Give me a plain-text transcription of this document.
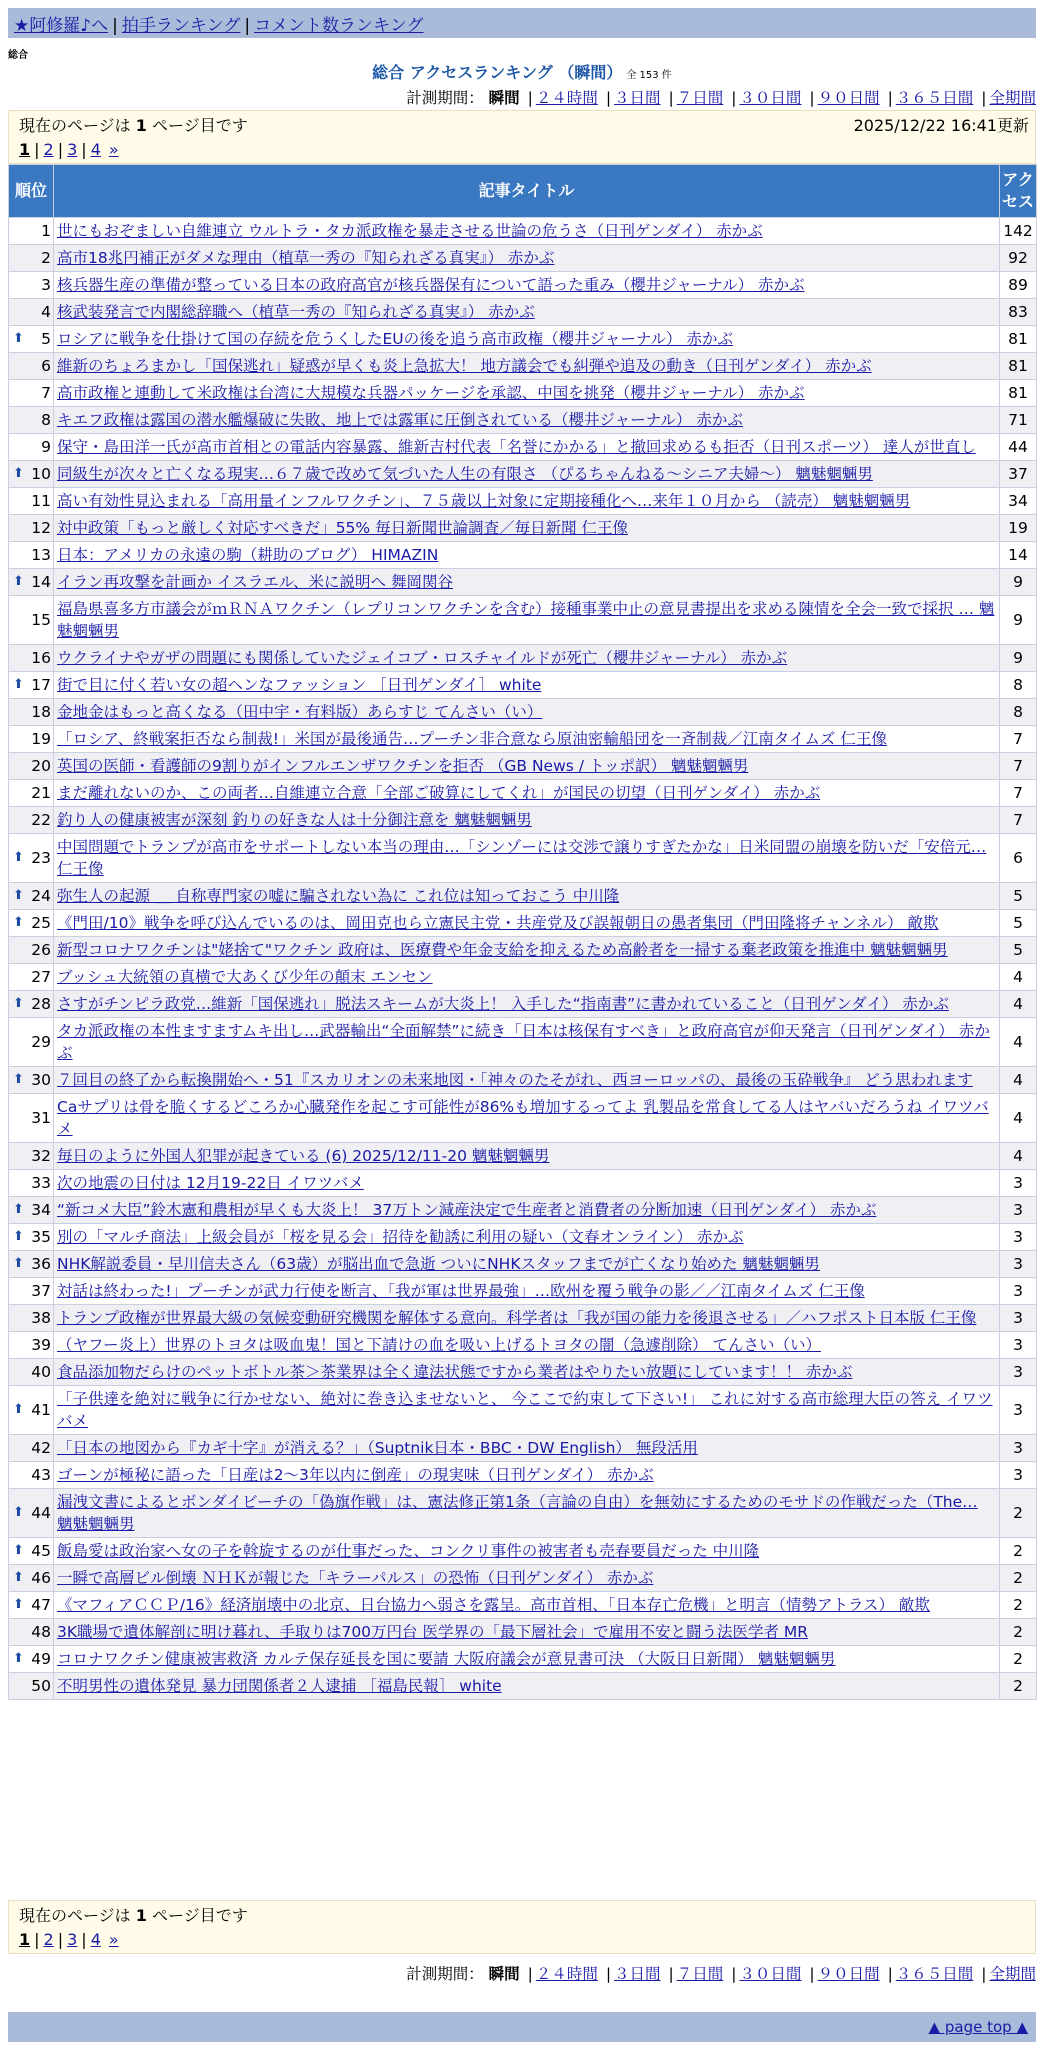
★阿修羅♪へ | 拍手ランキング | コメント数ランキング
総合
総合 アクセスランキング （瞬間） 全 153 件
計測期間： 瞬間 | ２４時間 | ３日間 | ７日間 | ３０日間 | ９０日間 | ３６５日間 | 全期間
現在のページは 1 ページ目です	2025/12/22 16:41更新
1 | 2 | 3 | 4 »
順位	記事タイトル	アクセス
1	世にもおぞましい自維連立 ウルトラ・タカ派政権を暴走させる世論の危うさ（日刊ゲンダイ） 赤かぶ	142
2	高市18兆円補正がダメな理由（植草一秀の『知られざる真実』） 赤かぶ	92
3	核兵器生産の準備が整っている日本の政府高官が核兵器保有について語った重み（櫻井ジャーナル） 赤かぶ	89
4	核武装発言で内閣総辞職へ（植草一秀の『知られざる真実』） 赤かぶ	83

⬆ 5	ロシアに戦争を仕掛けて国の存続を危うくしたEUの後を追う高市政権（櫻井ジャーナル） 赤かぶ	81
6	維新のちょろまかし「国保逃れ」疑惑が早くも炎上急拡大！ 地方議会でも糾弾や追及の動き（日刊ゲンダイ） 赤かぶ	81
7	高市政権と連動して米政権は台湾に大規模な兵器パッケージを承認、中国を挑発（櫻井ジャーナル） 赤かぶ	81
8	キエフ政権は露国の潜水艦爆破に失敗、地上では露軍に圧倒されている（櫻井ジャーナル） 赤かぶ	71
9	保守・島田洋一氏が高市首相との電話内容暴露、維新吉村代表「名誉にかかる」と撤回求めるも拒否（日刊スポーツ） 達人が世直し	44

⬆ 10	同級生が次々と亡くなる現実…６７歳で改めて気づいた人生の有限さ （ぴるちゃんねる〜シニア夫婦〜） 魑魅魍魎男	37
11	高い有効性見込まれる「高用量インフルワクチン」、７５歳以上対象に定期接種化へ…来年１０月から （読売） 魑魅魍魎男	34
12	対中政策「もっと厳しく対応すべきだ」55% 毎日新聞世論調査／毎日新聞 仁王像	19
13	日本：アメリカの永遠の駒（耕助のブログ） HIMAZIN	14

⬆ 14	イラン再攻撃を計画か イスラエル、米に説明へ 舞岡関谷	9
15	福島県喜多方市議会がｍＲＮＡワクチン（レプリコンワクチンを含む）接種事業中止の意見書提出を求める陳情を全会一致で採択 … 魑魅魍魎男	9
16	ウクライナやガザの問題にも関係していたジェイコブ・ロスチャイルドが死亡（櫻井ジャーナル） 赤かぶ	9

⬆ 17	街で目に付く若い女の超ヘンなファッション ［日刊ゲンダイ］ white	8
18	金地金はもっと高くなる（田中宇・有料版）あらすじ てんさい（い）	8
19	「ロシア、終戦案拒否なら制裁!」米国が最後通告…プーチン非合意なら原油密輸船団を一斉制裁／江南タイムズ 仁王像	7
20	英国の医師・看護師の9割りがインフルエンザワクチンを拒否 （GB News / トッポ訳） 魑魅魍魎男	7
21	まだ離れないのか、この両者…自維連立合意「全部ご破算にしてくれ」が国民の切望（日刊ゲンダイ） 赤かぶ	7
22	釣り人の健康被害が深刻 釣りの好きな人は十分御注意を 魑魅魍魎男	7

⬆ 23	中国問題でトランプが高市をサポートしない本当の理由…「シンゾーには交渉で譲りすぎたかな」日米同盟の崩壊を防いだ「安倍元… 仁王像	6

⬆ 24	弥生人の起源 ＿ 自称専門家の嘘に騙されない為に これ位は知っておこう 中川隆	5

⬆ 25	《門田/10》戦争を呼び込んでいるのは、岡田克也ら立憲民主党・共産党及び誤報朝日の愚者集団（門田隆将チャンネル） 敵欺	5
26	新型コロナワクチンは"姥捨て"ワクチン 政府は、医療費や年金支給を抑えるため高齢者を一掃する棄老政策を推進中 魑魅魍魎男	5
27	ブッシュ大統領の真横で大あくび少年の顛末 エンセン	4

⬆ 28	さすがチンピラ政党…維新「国保逃れ」脱法スキームが大炎上！ 入手した“指南書”に書かれていること（日刊ゲンダイ） 赤かぶ	4
29	タカ派政権の本性ますますムキ出し…武器輸出“全面解禁”に続き「日本は核保有すべき」と政府高官が仰天発言（日刊ゲンダイ） 赤かぶ	4

⬆ 30	７回目の終了から転換開始へ・51『スカリオンの未来地図・「神々のたそがれ、西ヨーロッパの、最後の玉砕戦争』 どう思われます	4
31	Caサプリは骨を脆くするどころか心臓発作を起こす可能性が86%も増加するってよ 乳製品を常食してる人はヤバいだろうね イワツバメ	4
32	毎日のように外国人犯罪が起きている (6) 2025/12/11-20 魑魅魍魎男	4
33	次の地震の日付は 12月19-22日 イワツバメ	3

⬆ 34	“新コメ大臣”鈴木憲和農相が早くも大炎上！ 37万トン減産決定で生産者と消費者の分断加速（日刊ゲンダイ） 赤かぶ	3

⬆ 35	別の「マルチ商法」上級会員が「桜を見る会」招待を勧誘に利用の疑い（文春オンライン） 赤かぶ	3

⬆ 36	NHK解説委員・早川信夫さん（63歳）が脳出血で急逝 ついにNHKスタッフまでが亡くなり始めた 魑魅魍魎男	3
37	対話は終わった!」プーチンが武力行使を断言、「我が軍は世界最強」…欧州を覆う戦争の影／／江南タイムズ 仁王像	3
38	トランプ政権が世界最大級の気候変動研究機関を解体する意向。科学者は「我が国の能力を後退させる」／ハフポスト日本版 仁王像	3
39	（ヤフー炎上）世界のトヨタは吸血鬼！国と下請けの血を吸い上げるトヨタの闇（急遽削除） てんさい（い）	3
40	食品添加物だらけのペットボトル茶＞茶業界は全く違法状態ですから業者はやりたい放題にしています！！ 赤かぶ	3

⬆ 41	「子供達を絶対に戦争に行かせない、絶対に巻き込ませないと、 今ここで約束して下さい!」 これに対する高市総理大臣の答え イワツバメ	3
42	「日本の地図から『カギ十字』が消える？」（Suptnik日本・BBC・DW English） 無段活用	3
43	ゴーンが極秘に語った「日産は2〜3年以内に倒産」の現実味（日刊ゲンダイ） 赤かぶ	3

⬆ 44	漏洩文書によるとボンダイビーチの「偽旗作戦」は、憲法修正第1条（言論の自由）を無効にするためのモサドの作戦だった（The… 魑魅魍魎男	2

⬆ 45	飯島愛は政治家へ女の子を斡旋するのが仕事だった、コンクリ事件の被害者も売春要員だった 中川隆	2

⬆ 46	一瞬で高層ビル倒壊 ＮＨＫが報じた「キラーパルス」の恐怖（日刊ゲンダイ） 赤かぶ	2

⬆ 47	《マフィアＣＣＰ/16》経済崩壊中の北京、日台協力へ弱さを露呈。高市首相、「日本存亡危機」と明言（情勢アトラス） 敵欺	2
48	3K職場で遺体解剖に明け暮れ、手取りは700万円台 医学界の「最下層社会」で雇用不安と闘う法医学者 MR	2

⬆ 49	コロナワクチン健康被害救済 カルテ保存延長を国に要請 大阪府議会が意見書可決 （大阪日日新聞） 魑魅魍魎男	2
50	不明男性の遺体発見 暴力団関係者２人逮捕 ［福島民報］ white	2
現在のページは 1 ページ目です
1 | 2 | 3 | 4 »
計測期間： 瞬間 | ２４時間 | ３日間 | ７日間 | ３０日間 | ９０日間 | ３６５日間 | 全期間
▲ page top ▲
